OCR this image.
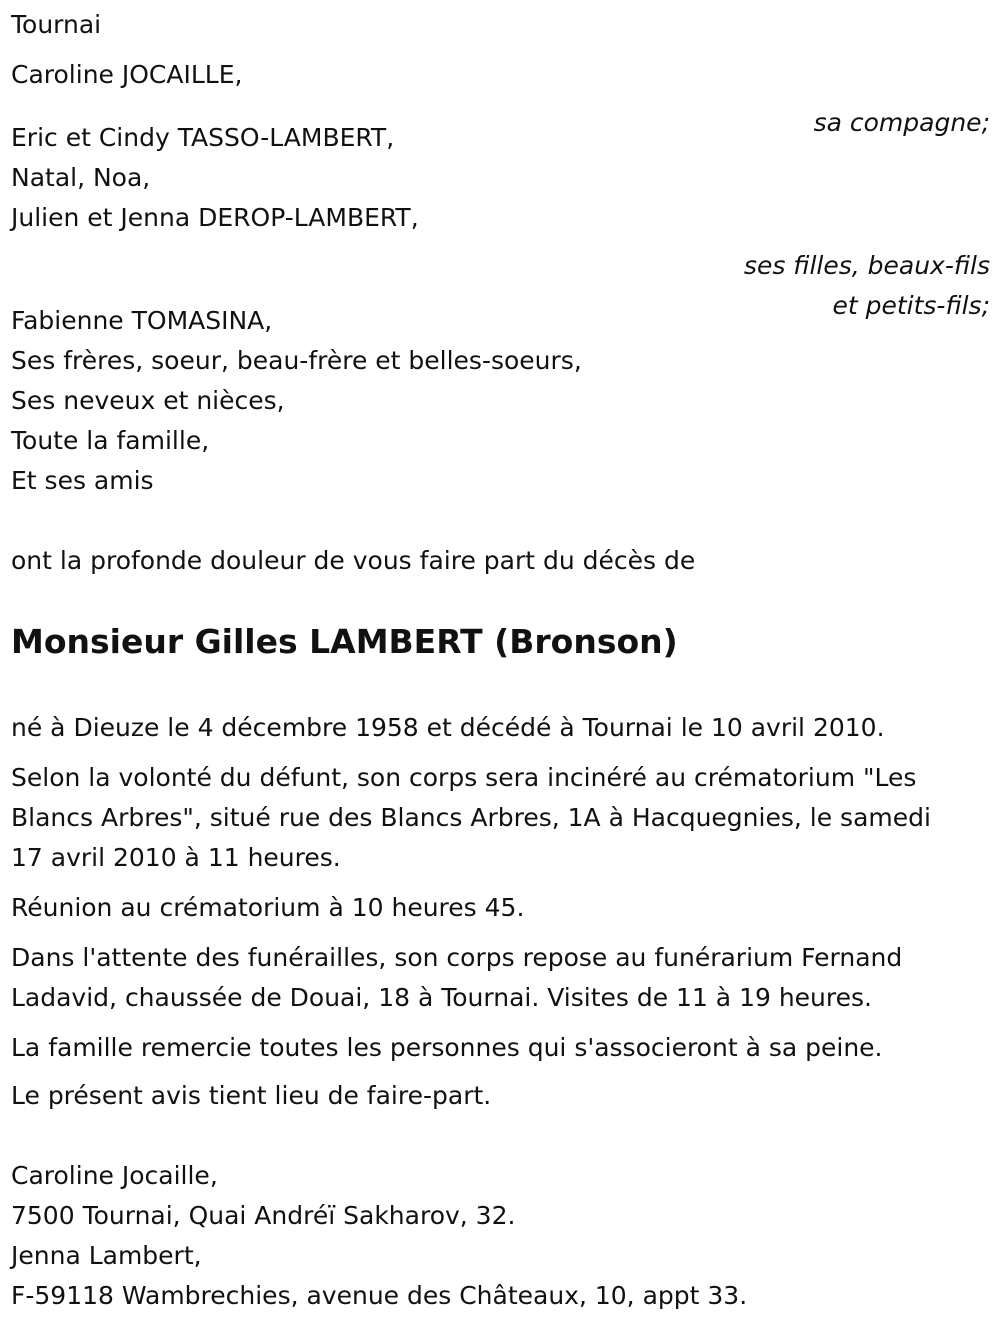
Tournai

Caroline JOCAILLE,

sa compagne;

Eric et Cindy TASSO-LAMBERT,

Natal, Noa,

Julien et Jenna DEROP-LAMBERT,

ses filles, beaux-fils

et petits-fils;

Fabienne TOMASINA,

Ses frères, soeur, beau-frère et belles-soeurs,

Ses neveux et nièces,

Toute la famille,

Et ses amis

ont la profonde douleur de vous faire part du décès de

Monsieur Gilles LAMBERT (Bronson)

né à Dieuze le 4 décembre 1958 et décédé à Tournai le 10 avril 2010.

Selon la volonté du défunt, son corps sera incinéré au crématorium "Les

Blancs Arbres", situé rue des Blancs Arbres, 1A à Hacquegnies, le samedi

17 avril 2010 à 11 heures.

Réunion au crématorium à 10 heures 45.

Dans l'attente des funérailles, son corps repose au funérarium Fernand

Ladavid, chaussée de Douai, 18 à Tournai. Visites de 11 à 19 heures.

La famille remercie toutes les personnes qui s'associeront à sa peine.

Le présent avis tient lieu de faire-part.

Caroline Jocaille,

7500 Tournai, Quai Andréï Sakharov, 32.

Jenna Lambert,

F-59118 Wambrechies, avenue des Châteaux, 10, appt 33.
